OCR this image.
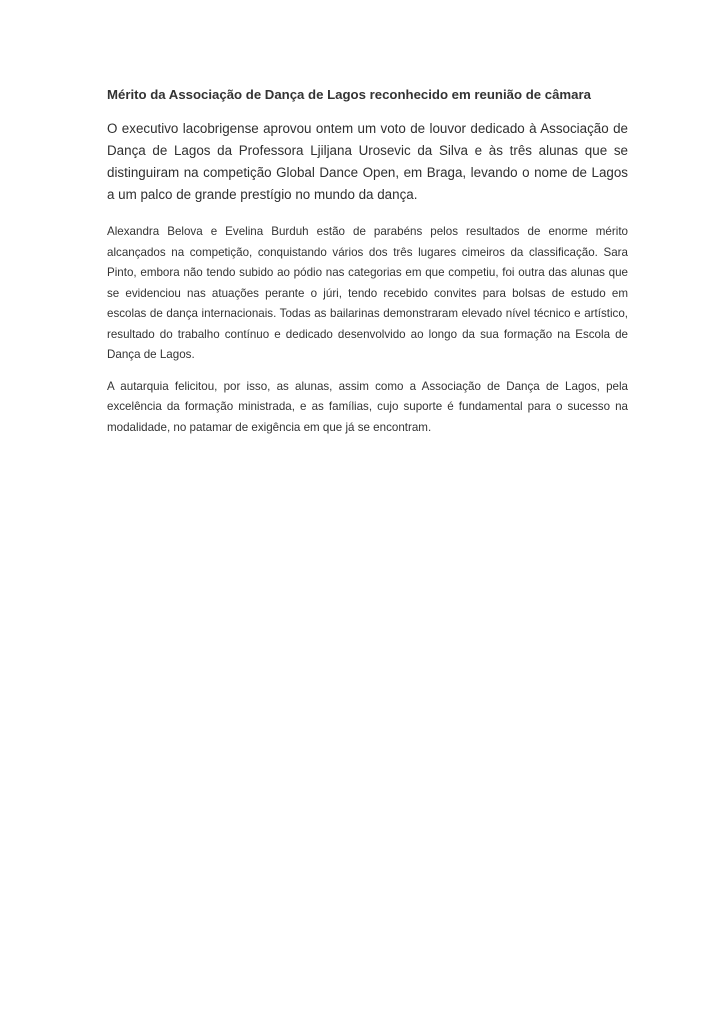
Mérito da Associação de Dança de Lagos reconhecido em reunião de câmara

O executivo lacobrigense aprovou ontem um voto de louvor dedicado à Associação de Dança de Lagos da Professora Ljiljana Urosevic da Silva e às três alunas que se distinguiram na competição Global Dance Open, em Braga, levando o nome de Lagos a um palco de grande prestígio no mundo da dança.

Alexandra Belova e Evelina Burduh estão de parabéns pelos resultados de enorme mérito alcançados na competição, conquistando vários dos três lugares cimeiros da classificação. Sara Pinto, embora não tendo subido ao pódio nas categorias em que competiu, foi outra das alunas que se evidenciou nas atuações perante o júri, tendo recebido convites para bolsas de estudo em escolas de dança internacionais. Todas as bailarinas demonstraram elevado nível técnico e artístico, resultado do trabalho contínuo e dedicado desenvolvido ao longo da sua formação na Escola de Dança de Lagos.

A autarquia felicitou, por isso, as alunas, assim como a Associação de Dança de Lagos, pela excelência da formação ministrada, e as famílias, cujo suporte é fundamental para o sucesso na modalidade, no patamar de exigência em que já se encontram.
